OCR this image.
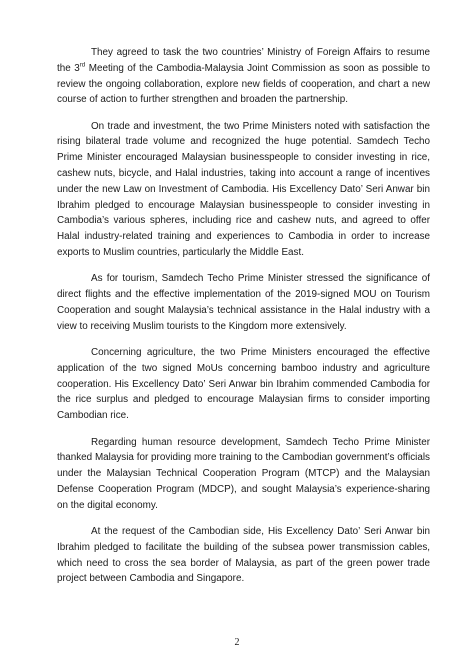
They agreed to task the two countries’ Ministry of Foreign Affairs to resume the 3rd Meeting of the Cambodia-Malaysia Joint Commission as soon as possible to review the ongoing collaboration, explore new fields of cooperation, and chart a new course of action to further strengthen and broaden the partnership.

On trade and investment, the two Prime Ministers noted with satisfaction the rising bilateral trade volume and recognized the huge potential. Samdech Techo Prime Minister encouraged Malaysian businesspeople to consider investing in rice, cashew nuts, bicycle, and Halal industries, taking into account a range of incentives under the new Law on Investment of Cambodia. His Excellency Dato’ Seri Anwar bin Ibrahim pledged to encourage Malaysian businesspeople to consider investing in Cambodia’s various spheres, including rice and cashew nuts, and agreed to offer Halal industry-related training and experiences to Cambodia in order to increase exports to Muslim countries, particularly the Middle East.

As for tourism, Samdech Techo Prime Minister stressed the significance of direct flights and the effective implementation of the 2019-signed MOU on Tourism Cooperation and sought Malaysia’s technical assistance in the Halal industry with a view to receiving Muslim tourists to the Kingdom more extensively.

Concerning agriculture, the two Prime Ministers encouraged the effective application of the two signed MoUs concerning bamboo industry and agriculture cooperation. His Excellency Dato’ Seri Anwar bin Ibrahim commended Cambodia for the rice surplus and pledged to encourage Malaysian firms to consider importing Cambodian rice.

Regarding human resource development, Samdech Techo Prime Minister thanked Malaysia for providing more training to the Cambodian government’s officials under the Malaysian Technical Cooperation Program (MTCP) and the Malaysian Defense Cooperation Program (MDCP), and sought Malaysia’s experience-sharing on the digital economy.

At the request of the Cambodian side, His Excellency Dato’ Seri Anwar bin Ibrahim pledged to facilitate the building of the subsea power transmission cables, which need to cross the sea border of Malaysia, as part of the green power trade project between Cambodia and Singapore.

2
